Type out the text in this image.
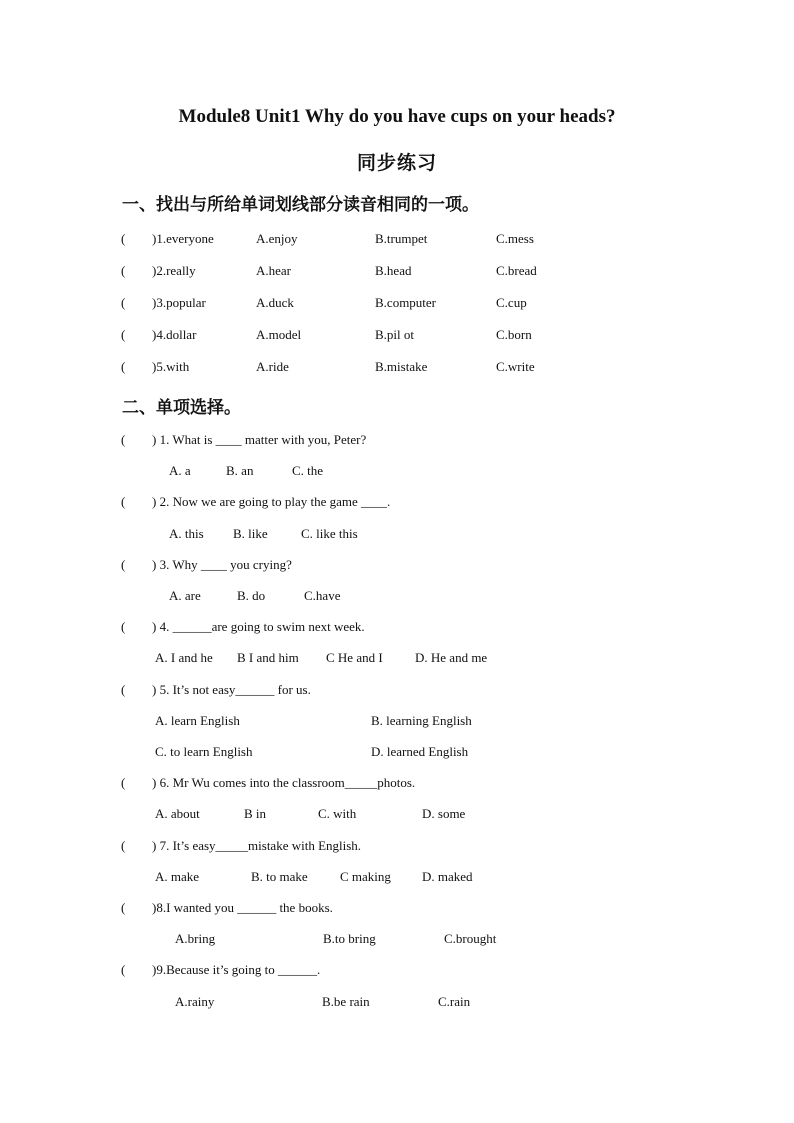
Module8 Unit1 Why do you have cups on your heads?
同步练习
一、找出与所给单词划线部分读音相同的一项。
( )1.everyone	A.enjoy	B.trumpet	C.mess
( )2.really	A.hear	B.head	C.bread
( )3.popular	A.duck	B.computer	C.cup
( )4.dollar	A.model	B.pil ot	C.born
( )5.with	A.ride	B.mistake	C.write
二、单项选择。
( ) 1. What is ____ matter with you, Peter?
A. a	B. an	C. the
( ) 2. Now we are going to play the game ____.
A. this B. like	C. like this
( ) 3. Why ____ you crying?
A. are	B. do	C.have
( ) 4. ______are going to swim next week.
A. I and he B I and him C He and I D. He and me
( ) 5. It’s not easy______ for us.
A. learn English	B. learning English
C. to learn English	D. learned English
( ) 6. Mr Wu comes into the classroom_____photos.
A. about	B in	C. with	D. some
( ) 7. It’s easy_____mistake with English.
A. make	B. to make C making D. maked
( )8.I wanted you ______ the books.
A.bring	B.to bring	C.brought
( )9.Because it’s going to ______.
A.rainy	B.be rain	C.rain
